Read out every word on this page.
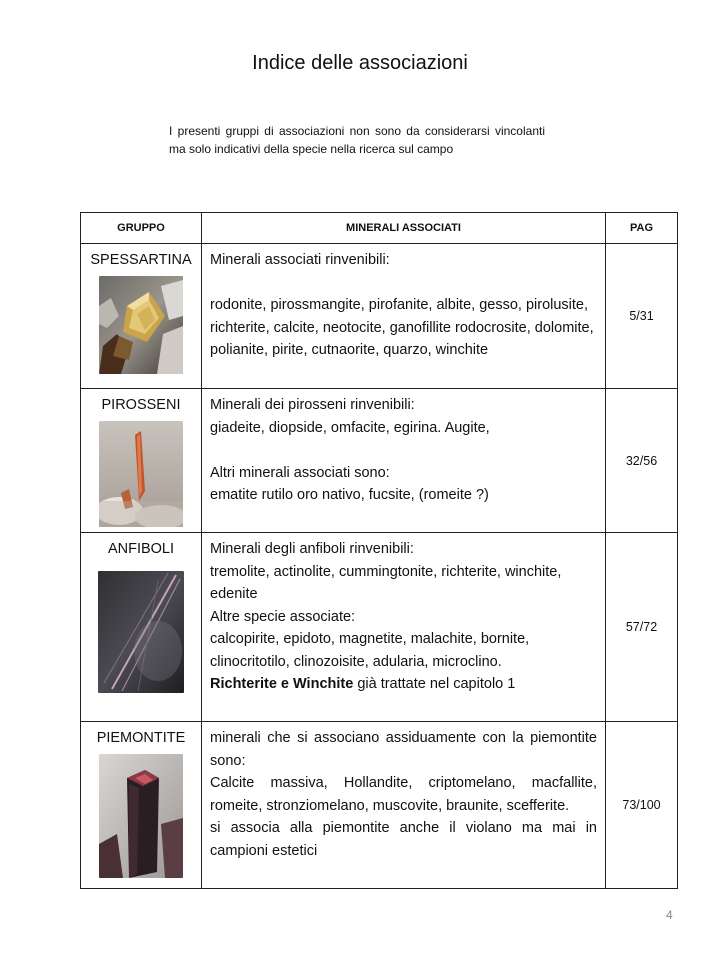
Indice delle associazioni
I presenti gruppi di associazioni non sono da considerarsi vincolanti ma solo indicativi della specie nella ricerca sul campo
GRUPPO	MINERALI ASSOCIATI	PAG

SPESSARTINA	Minerali associati rinvenibili:

rodonite, pirossmangite, pirofanite, albite, gesso, pirolusite, richterite, calcite, neotocite, ganofillite rodocrosite, dolomite, polianite, pirite, cutnaorite, quarzo, winchite	5/31

PIROSSENI	Minerali dei pirosseni rinvenibili:

giadeite, diopside, omfacite, egirina. Augite,

Altri minerali associati sono:

ematite rutilo oro nativo, fucsite, (romeite ?)	32/56

ANFIBOLI	Minerali degli anfiboli rinvenibili:

tremolite, actinolite, cummingtonite, richterite, winchite, edenite

Altre specie associate:

calcopirite, epidoto, magnetite, malachite, bornite, clinocritotilo, clinozoisite, adularia, microclino.

Richterite e Winchite già trattate nel capitolo 1	57/72

PIEMONTITE	minerali che si associano assiduamente con la piemontite sono:

Calcite massiva, Hollandite, criptomelano, macfallite, romeite, stronziomelano, muscovite, braunite, scefferite.

si associa alla piemontite anche il violano ma mai in campioni estetici	73/100
4
